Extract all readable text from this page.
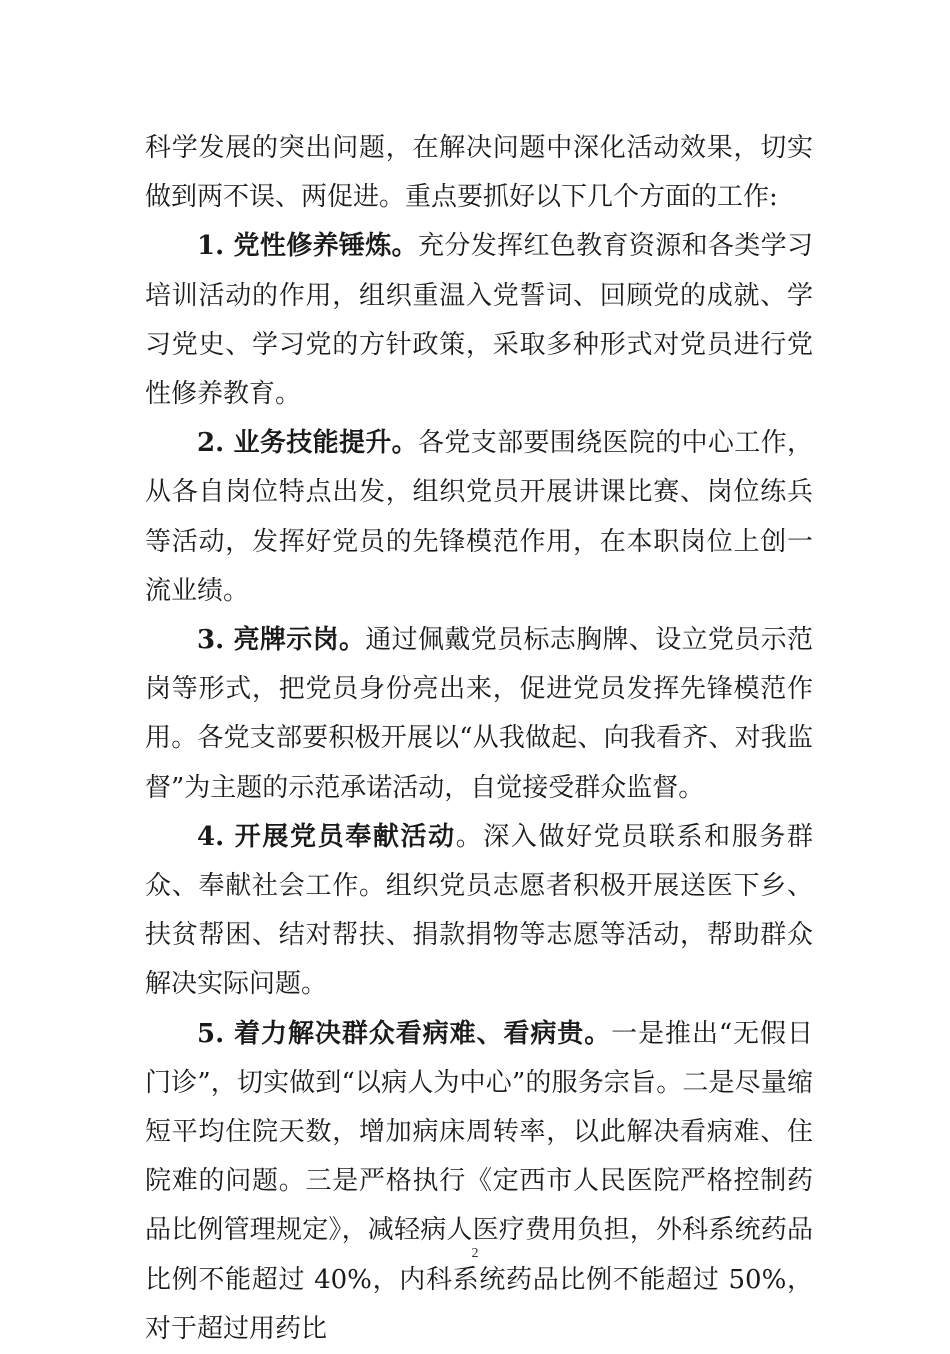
科学发展的突出问题，在解决问题中深化活动效果，切实做到两不误、两促进。重点要抓好以下几个方面的工作:

1. 党性修养锤炼。充分发挥红色教育资源和各类学习培训活动的作用，组织重温入党誓词、回顾党的成就、学习党史、学习党的方针政策，采取多种形式对党员进行党性修养教育。

2. 业务技能提升。各党支部要围绕医院的中心工作，从各自岗位特点出发，组织党员开展讲课比赛、岗位练兵等活动，发挥好党员的先锋模范作用，在本职岗位上创一流业绩。

3. 亮牌示岗。通过佩戴党员标志胸牌、设立党员示范岗等形式，把党员身份亮出来，促进党员发挥先锋模范作用。各党支部要积极开展以“从我做起、向我看齐、对我监督”为主题的示范承诺活动，自觉接受群众监督。

4. 开展党员奉献活动。深入做好党员联系和服务群众、奉献社会工作。组织党员志愿者积极开展送医下乡、扶贫帮困、结对帮扶、捐款捐物等志愿等活动，帮助群众解决实际问题。

5. 着力解决群众看病难、看病贵。一是推出“无假日门诊”，切实做到“以病人为中心”的服务宗旨。二是尽量缩短平均住院天数，增加病床周转率，以此解决看病难、住院难的问题。三是严格执行《定西市人民医院严格控制药品比例管理规定》，减轻病人医疗费用负担，外科系统药品比例不能超过 40%，内科系统药品比例不能超过 50%，对于超过用药比

2
